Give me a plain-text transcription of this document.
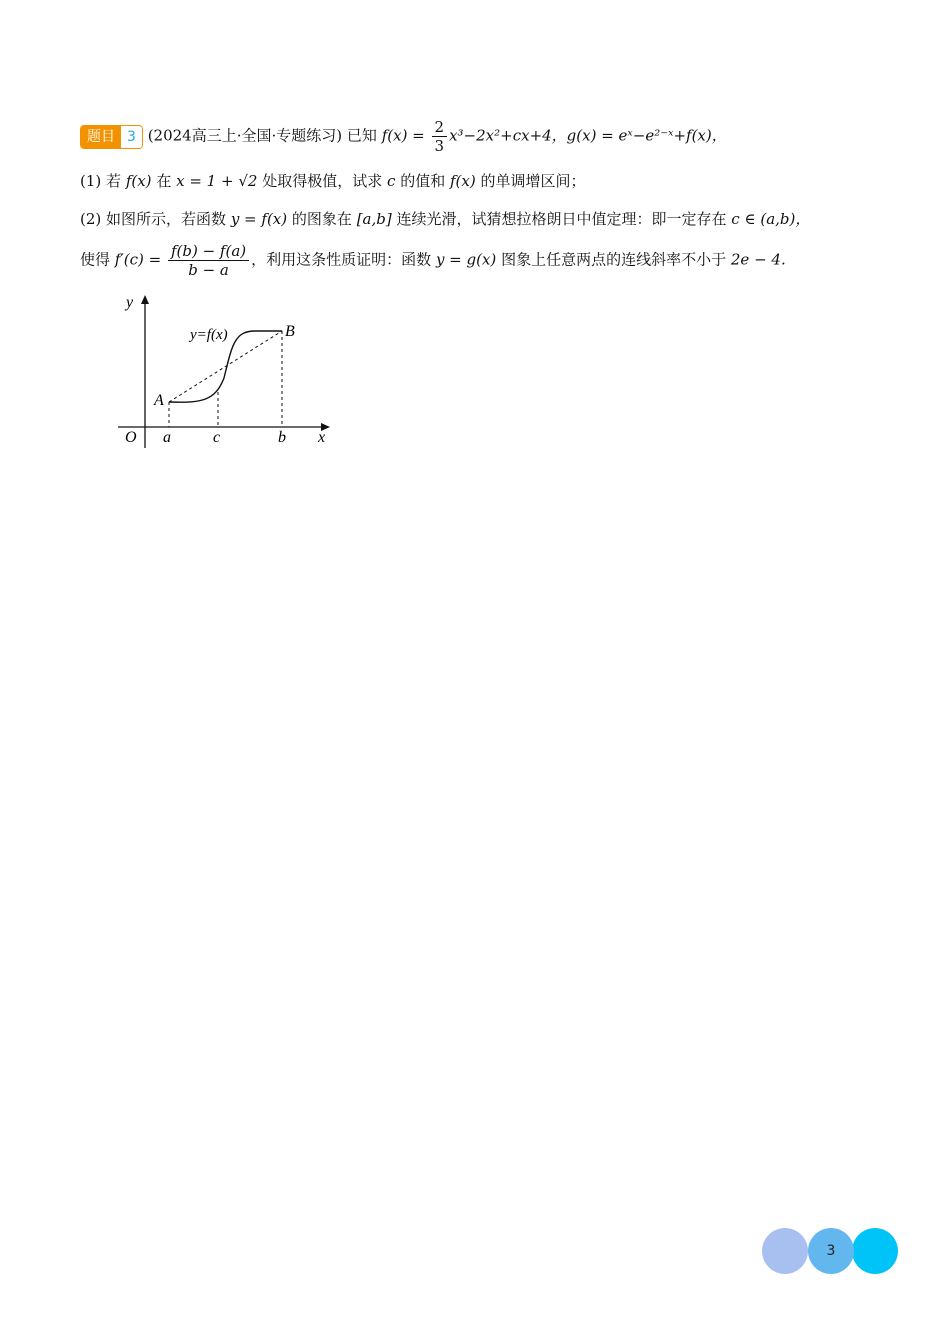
题目 3 (2024高三上·全国·专题练习) 已知 $f(x) = \frac{2}{3} x^3-2x^2+cx+4$，g(x) = eˣ−e²⁻ˣ+f(x)，
(1) 若 f(x) 在 x = 1 + √2 处取得极值，试求 c 的值和 f(x) 的单调增区间；
(2) 如图所示，若函数 y = f(x) 的图象在 [a,b] 连续光滑，试猜想拉格朗日中值定理：即一定存在 c ∈ (a,b)，
使得 $f'(c) = \frac{f(b) - f(a)}{b - a}$ ，利用这条性质证明：函数 y = g(x) 图象上任意两点的连线斜率不小于 2e − 4.
y
x
O
y=f(x)
A
B
a	c	b
3
